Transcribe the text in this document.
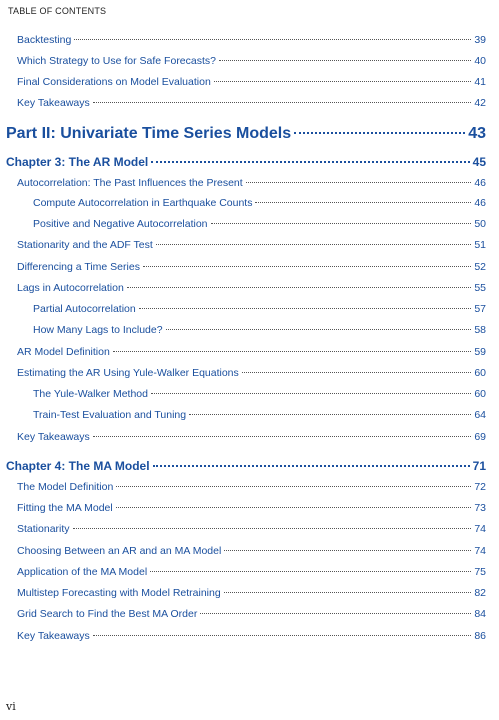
TABLE OF CONTENTS
Backtesting	39
Which Strategy to Use for Safe Forecasts?	40
Final Considerations on Model Evaluation	41
Key Takeaways	42
Part II: Univariate Time Series Models	43
Chapter 3: The AR Model	45
Autocorrelation: The Past Influences the Present	46
Compute Autocorrelation in Earthquake Counts	46
Positive and Negative Autocorrelation	50
Stationarity and the ADF Test	51
Differencing a Time Series	52
Lags in Autocorrelation	55
Partial Autocorrelation	57
How Many Lags to Include?	58
AR Model Definition	59
Estimating the AR Using Yule-Walker Equations	60
The Yule-Walker Method	60
Train-Test Evaluation and Tuning	64
Key Takeaways	69
Chapter 4: The MA Model	71
The Model Definition	72
Fitting the MA Model	73
Stationarity	74
Choosing Between an AR and an MA Model	74
Application of the MA Model	75
Multistep Forecasting with Model Retraining	82
Grid Search to Find the Best MA Order	84
Key Takeaways	86
vi
